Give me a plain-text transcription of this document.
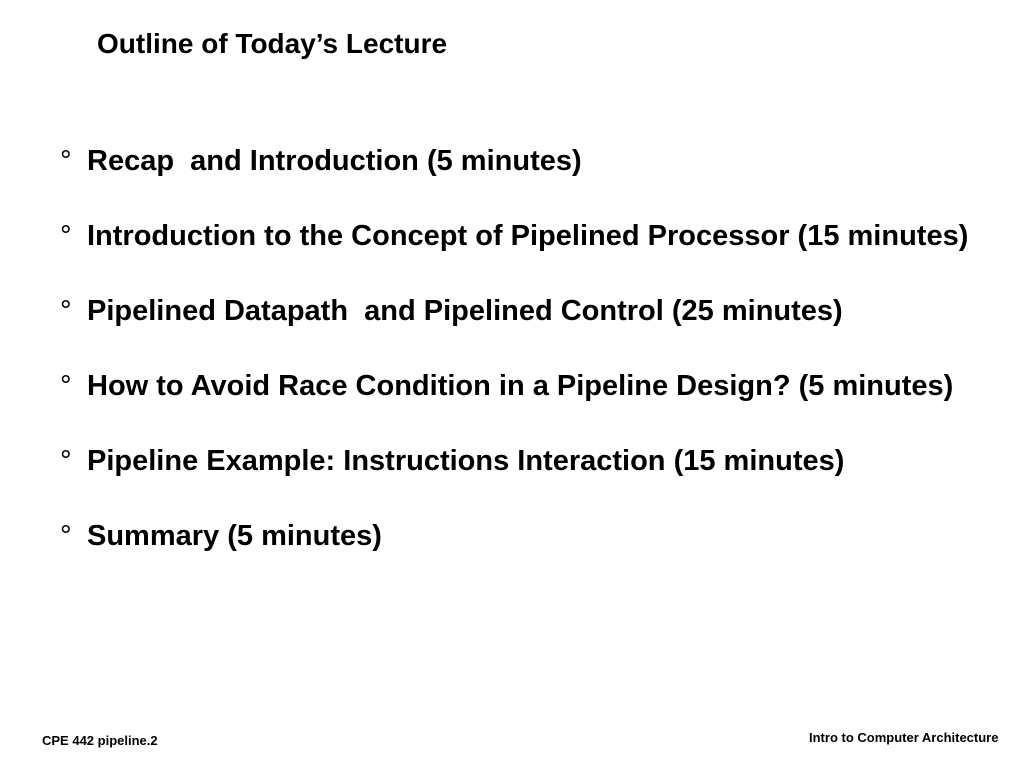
Outline of Today’s Lecture
° Recap  and Introduction (5 minutes)
° Introduction to the Concept of Pipelined Processor (15 minutes)
° Pipelined Datapath  and Pipelined Control (25 minutes)
° How to Avoid Race Condition in a Pipeline Design? (5 minutes)
° Pipeline Example: Instructions Interaction (15 minutes)
° Summary (5 minutes)
CPE 442 pipeline.2	Intro to Computer Architecture
